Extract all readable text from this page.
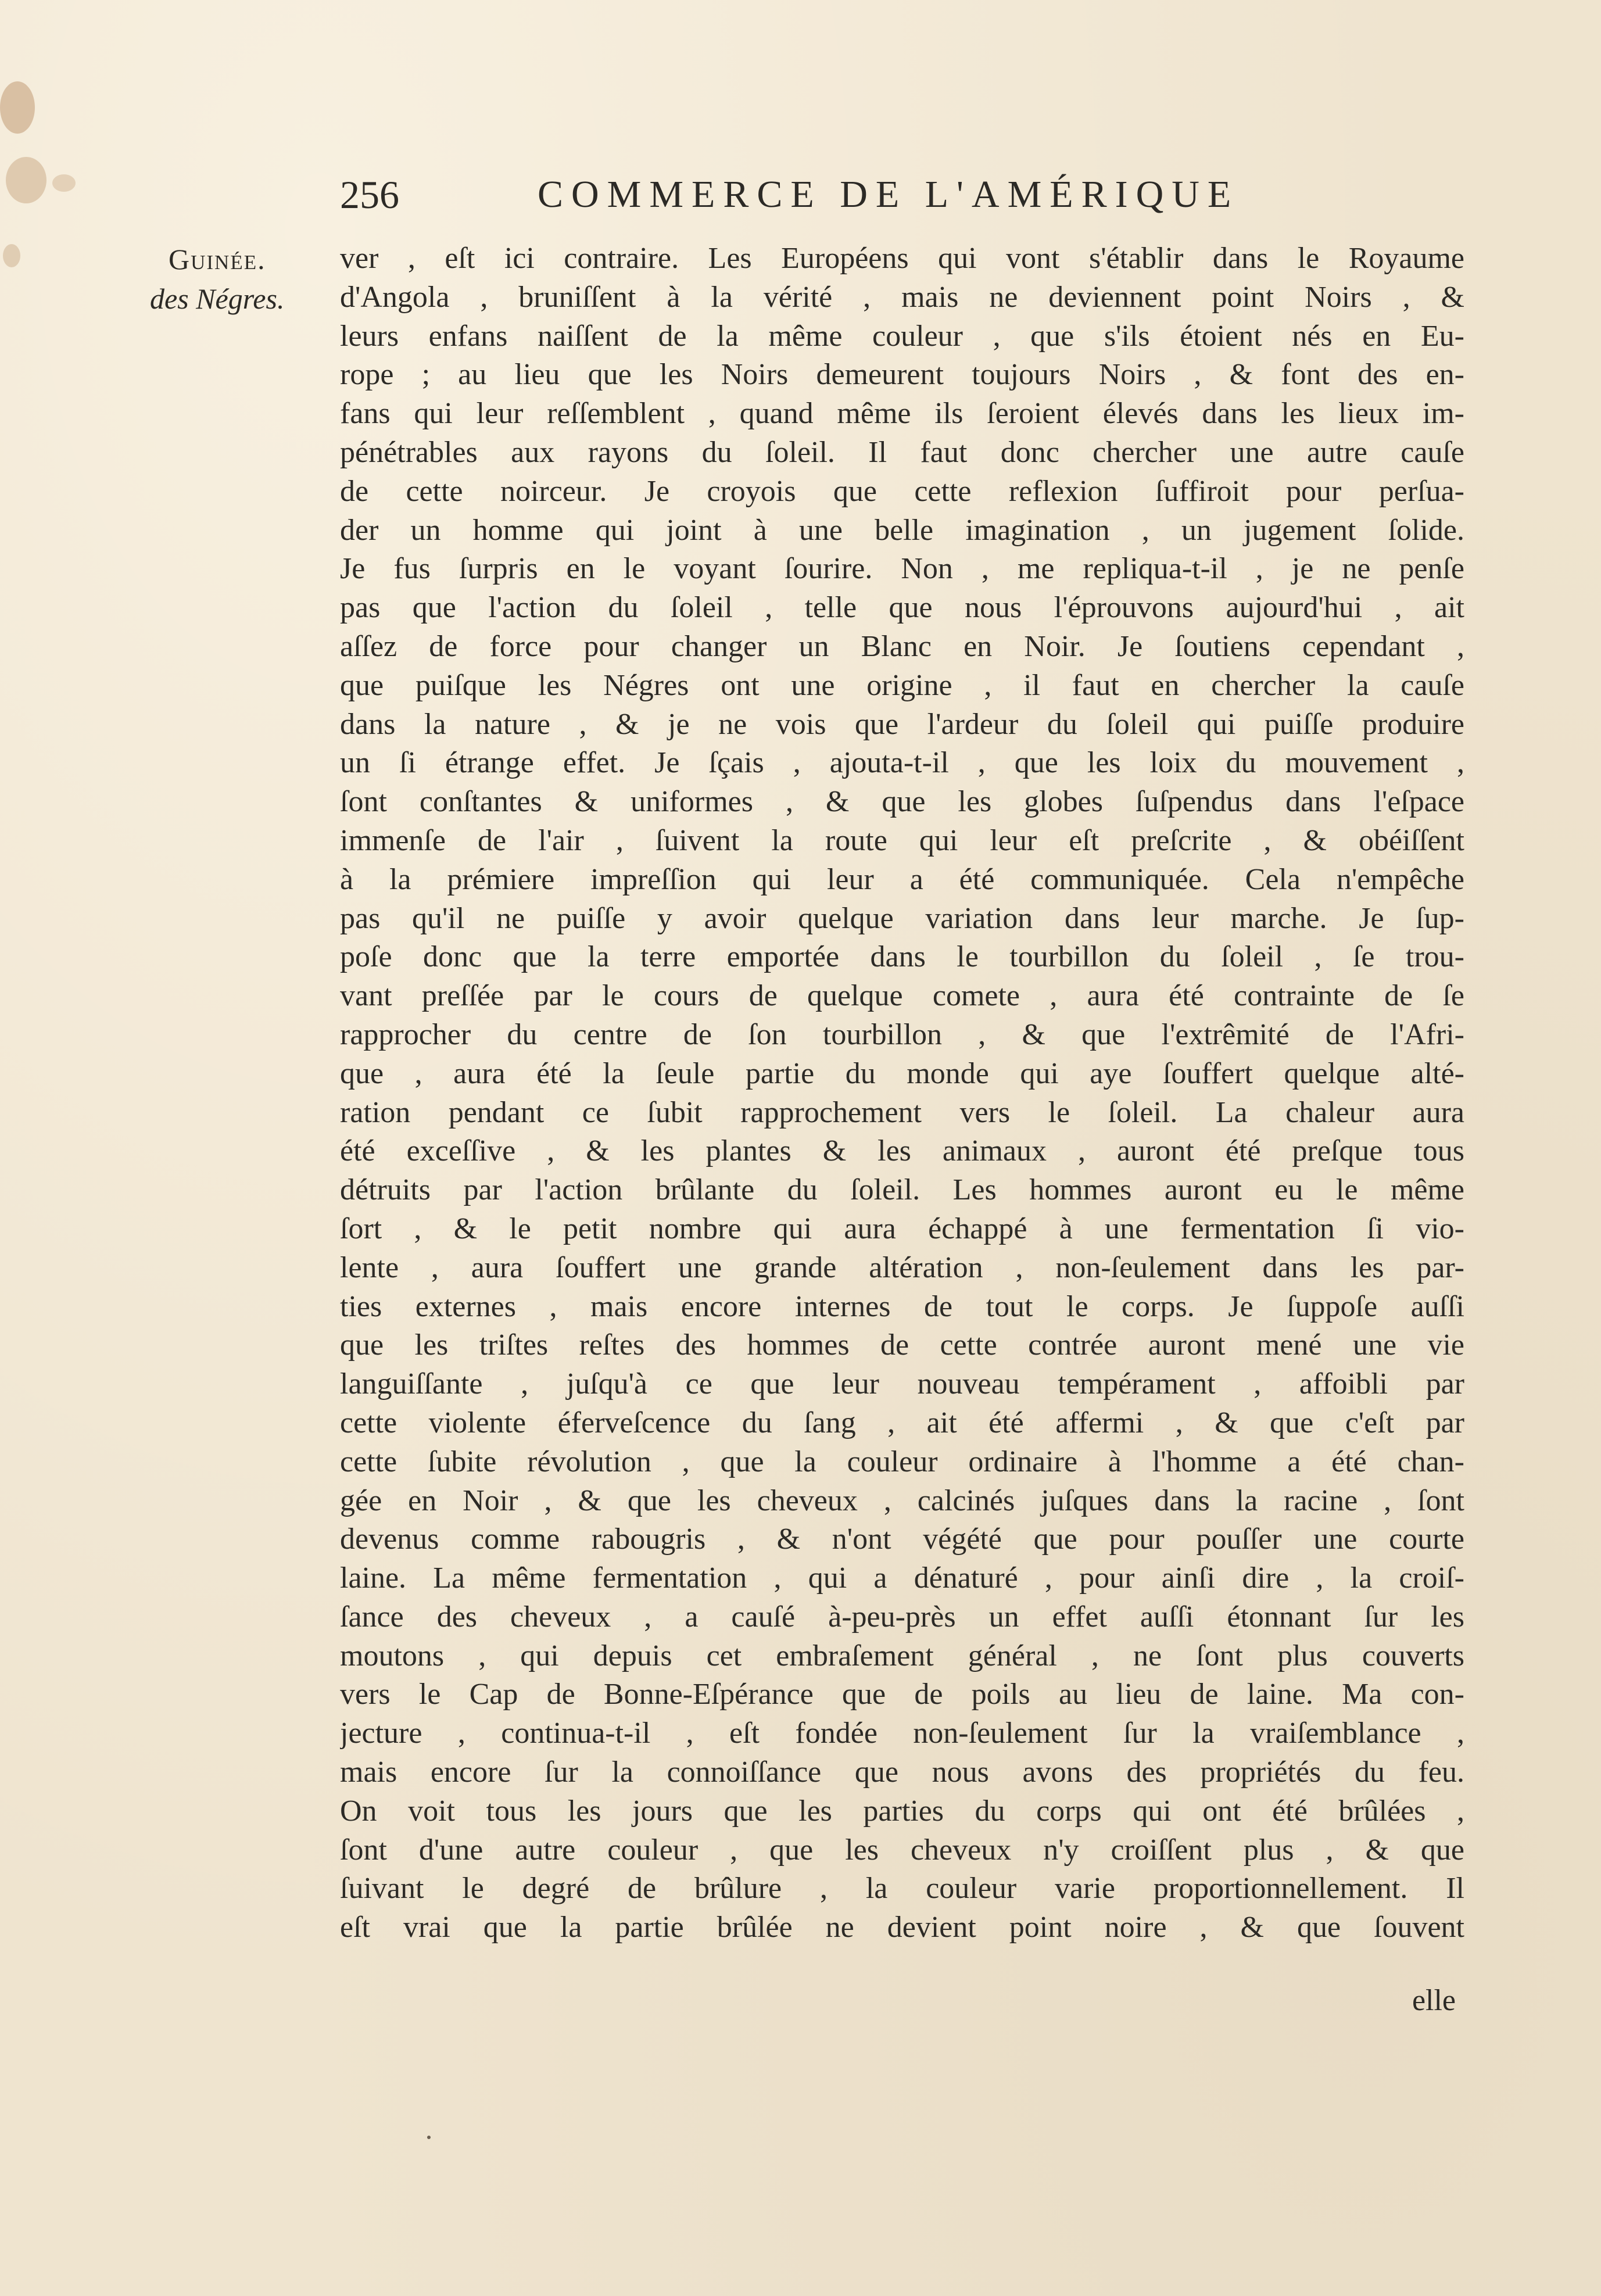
256	COMMERCE DE L'AMÉRIQUE
Guinée.
des Négres.
ver , eſt ici contraire. Les Européens qui vont s'établir dans le Royaume
d'Angola , bruniſſent à la vérité , mais ne deviennent point Noirs , &
leurs enfans naiſſent de la même couleur , que s'ils étoient nés en Eu-
rope ; au lieu que les Noirs demeurent toujours Noirs , & font des en-
fans qui leur reſſemblent , quand même ils ſeroient élevés dans les lieux im-
pénétrables aux rayons du ſoleil. Il faut donc chercher une autre cauſe
de cette noirceur. Je croyois que cette reflexion ſuffiroit pour perſua-
der un homme qui joint à une belle imagination , un jugement ſolide.
Je fus ſurpris en le voyant ſourire. Non , me repliqua-t-il , je ne penſe
pas que l'action du ſoleil , telle que nous l'éprouvons aujourd'hui , ait
aſſez de force pour changer un Blanc en Noir. Je ſoutiens cependant ,
que puiſque les Négres ont une origine , il faut en chercher la cauſe
dans la nature , & je ne vois que l'ardeur du ſoleil qui puiſſe produire
un ſi étrange effet. Je ſçais , ajouta-t-il , que les loix du mouvement ,
ſont conſtantes & uniformes , & que les globes ſuſpendus dans l'eſpace
immenſe de l'air , ſuivent la route qui leur eſt preſcrite , & obéiſſent
à la prémiere impreſſion qui leur a été communiquée. Cela n'empêche
pas qu'il ne puiſſe y avoir quelque variation dans leur marche. Je ſup-
poſe donc que la terre emportée dans le tourbillon du ſoleil , ſe trou-
vant preſſée par le cours de quelque comete , aura été contrainte de ſe
rapprocher du centre de ſon tourbillon , & que l'extrêmité de l'Afri-
que , aura été la ſeule partie du monde qui aye ſouffert quelque alté-
ration pendant ce ſubit rapprochement vers le ſoleil. La chaleur aura
été exceſſive , & les plantes & les animaux , auront été preſque tous
détruits par l'action brûlante du ſoleil. Les hommes auront eu le même
ſort , & le petit nombre qui aura échappé à une fermentation ſi vio-
lente , aura ſouffert une grande altération , non-ſeulement dans les par-
ties externes , mais encore internes de tout le corps. Je ſuppoſe auſſi
que les triſtes reſtes des hommes de cette contrée auront mené une vie
languiſſante , juſqu'à ce que leur nouveau tempérament , affoibli par
cette violente éferveſcence du ſang , ait été affermi , & que c'eſt par
cette ſubite révolution , que la couleur ordinaire à l'homme a été chan-
gée en Noir , & que les cheveux , calcinés juſques dans la racine , ſont
devenus comme rabougris , & n'ont végété que pour pouſſer une courte
laine. La même fermentation , qui a dénaturé , pour ainſi dire , la croiſ-
ſance des cheveux , a cauſé à-peu-près un effet auſſi étonnant ſur les
moutons , qui depuis cet embraſement général , ne ſont plus couverts
vers le Cap de Bonne-Eſpérance que de poils au lieu de laine. Ma con-
jecture , continua-t-il , eſt fondée non-ſeulement ſur la vraiſemblance ,
mais encore ſur la connoiſſance que nous avons des propriétés du feu.
On voit tous les jours que les parties du corps qui ont été brûlées ,
ſont d'une autre couleur , que les cheveux n'y croiſſent plus , & que
ſuivant le degré de brûlure , la couleur varie proportionnellement. Il
eſt vrai que la partie brûlée ne devient point noire , & que ſouvent
elle
